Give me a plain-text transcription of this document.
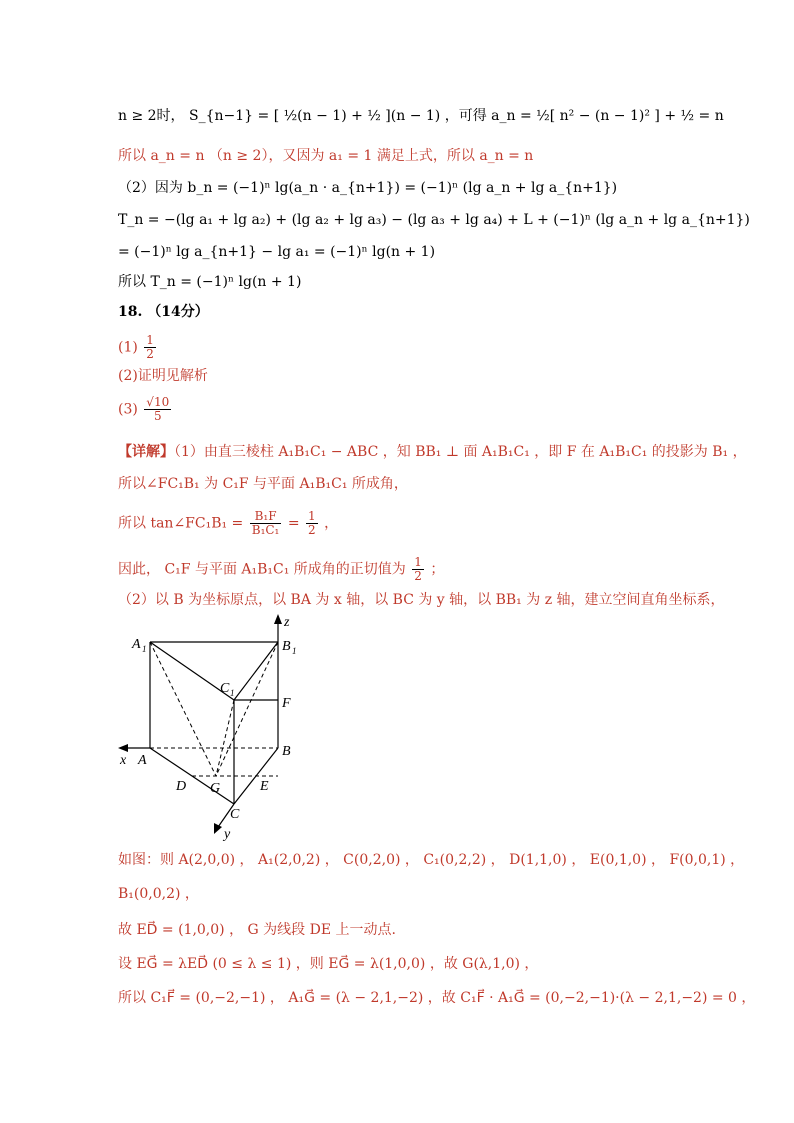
n ≥ 2时， S_{n−1} = [ ½(n − 1) + ½ ](n − 1) ，可得 a_n = ½[ n² − (n − 1)² ] + ½ = n
所以 a_n = n （n ≥ 2），又因为 a₁ = 1 满足上式，所以 a_n = n
（2）因为 b_n = (−1)ⁿ lg(a_n · a_{n+1}) = (−1)ⁿ (lg a_n + lg a_{n+1})
T_n = −(lg a₁ + lg a₂) + (lg a₂ + lg a₃) − (lg a₃ + lg a₄) + L + (−1)ⁿ (lg a_n + lg a_{n+1})
= (−1)ⁿ lg a_{n+1} − lg a₁ = (−1)ⁿ lg(n + 1)
所以 T_n = (−1)ⁿ lg(n + 1)
18. （14分）
$(1) \frac{1}{2}$
(2)证明见解析
$(3) \frac{√10}{5}$
【详解】（1）由直三棱柱 A₁B₁C₁ − ABC ，知 BB₁ ⊥ 面 A₁B₁C₁ ，即 F 在 A₁B₁C₁ 的投影为 B₁ ，
所以∠FC₁B₁ 为 C₁F 与平面 A₁B₁C₁ 所成角，
所以 tan∠FC₁B₁ = $\frac{\text{B₁F}}{\text{B₁C₁}} = \frac{1}{2}$ ，
因此， C₁F 与平面 A₁B₁C₁ 所成角的正切值为 $\frac{1}{2}$ ；
（2）以 B 为坐标原点，以 BA 为 x 轴，以 BC 为 y 轴，以 BB₁ 为 z 轴，建立空间直角坐标系，
A 1	B 1
C 1
F
B
A
D G	E
C
x
y
z
如图：则 A(2,0,0) ， A₁(2,0,2) ， C(0,2,0) ， C₁(0,2,2) ， D(1,1,0) ， E(0,1,0) ， F(0,0,1) ，
B₁(0,0,2) ，
故 ED⃗ = (1,0,0) ， G 为线段 DE 上一动点.
设 EG⃗ = λED⃗ (0 ≤ λ ≤ 1) ，则 EG⃗ = λ(1,0,0) ，故 G(λ,1,0) ，
所以 C₁F⃗ = (0,−2,−1) ， A₁G⃗ = (λ − 2,1,−2) ，故 C₁F⃗ · A₁G⃗ = (0,−2,−1)·(λ − 2,1,−2) = 0 ，
